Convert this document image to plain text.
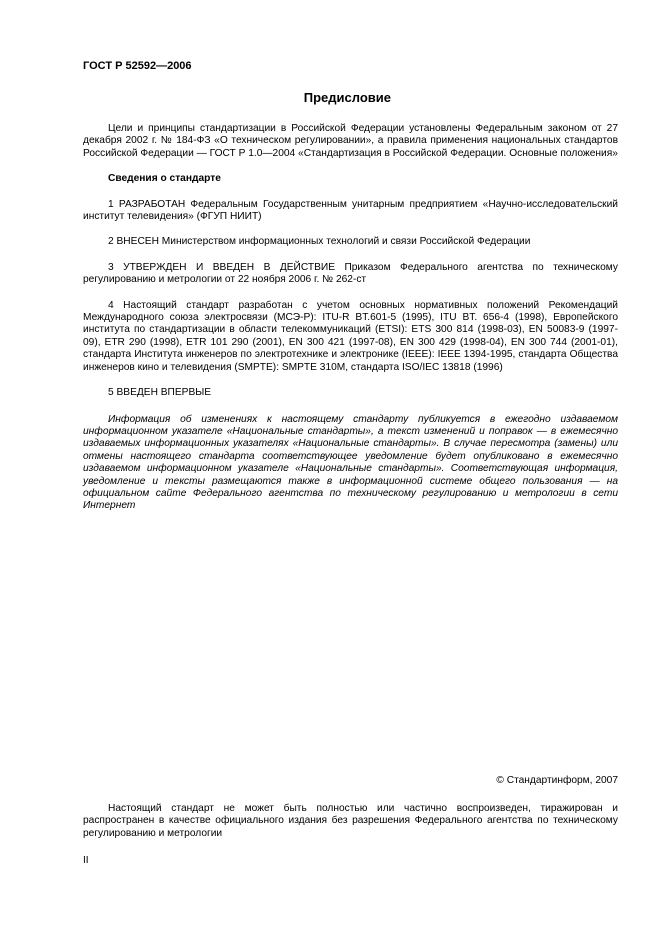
ГОСТ Р 52592—2006
Предисловие

Цели и принципы стандартизации в Российской Федерации установлены Федеральным законом от 27 декабря 2002 г. № 184-ФЗ «О техническом регулировании», а правила применения национальных стандартов Российской Федерации — ГОСТ Р 1.0—2004 «Стандартизация в Российской Федерации. Основные положения»

Сведения о стандарте

1 РАЗРАБОТАН Федеральным Государственным унитарным предприятием «Научно-исследовательский институт телевидения» (ФГУП НИИТ)

2 ВНЕСЕН Министерством информационных технологий и связи Российской Федерации

3 УТВЕРЖДЕН И ВВЕДЕН В ДЕЙСТВИЕ Приказом Федерального агентства по техническому регулированию и метрологии от 22 ноября 2006 г. № 262-ст

4 Настоящий стандарт разработан с учетом основных нормативных положений Рекомендаций Международного союза электросвязи (МСЭ-Р): ITU-R BT.601-5 (1995), ITU BT. 656-4 (1998), Европейского института по стандартизации в области телекоммуникаций (ETSI): ETS 300 814 (1998-03), EN 50083-9 (1997-09), ETR 290 (1998), ETR 101 290 (2001), EN 300 421 (1997-08), EN 300 429 (1998-04), EN 300 744 (2001-01), стандарта Института инженеров по электротехнике и электронике (IEEE): IEEE 1394-1995, стандарта Общества инженеров кино и телевидения (SMPTE): SMPTE 310M, стандарта ISO/IEC 13818 (1996)

5 ВВЕДЕН ВПЕРВЫЕ

Информация об изменениях к настоящему стандарту публикуется в ежегодно издаваемом информационном указателе «Национальные стандарты», а текст изменений и поправок — в ежемесячно издаваемых информационных указателях «Национальные стандарты». В случае пересмотра (замены) или отмены настоящего стандарта соответствующее уведомление будет опубликовано в ежемесячно издаваемом информационном указателе «Национальные стандарты». Соответствующая информация, уведомление и тексты размещаются также в информационной системе общего пользования — на официальном сайте Федерального агентства по техническому регулированию и метрологии в сети Интернет

© Стандартинформ, 2007

Настоящий стандарт не может быть полностью или частично воспроизведен, тиражирован и распространен в качестве официального издания без разрешения Федерального агентства по техническому регулированию и метрологии

II
